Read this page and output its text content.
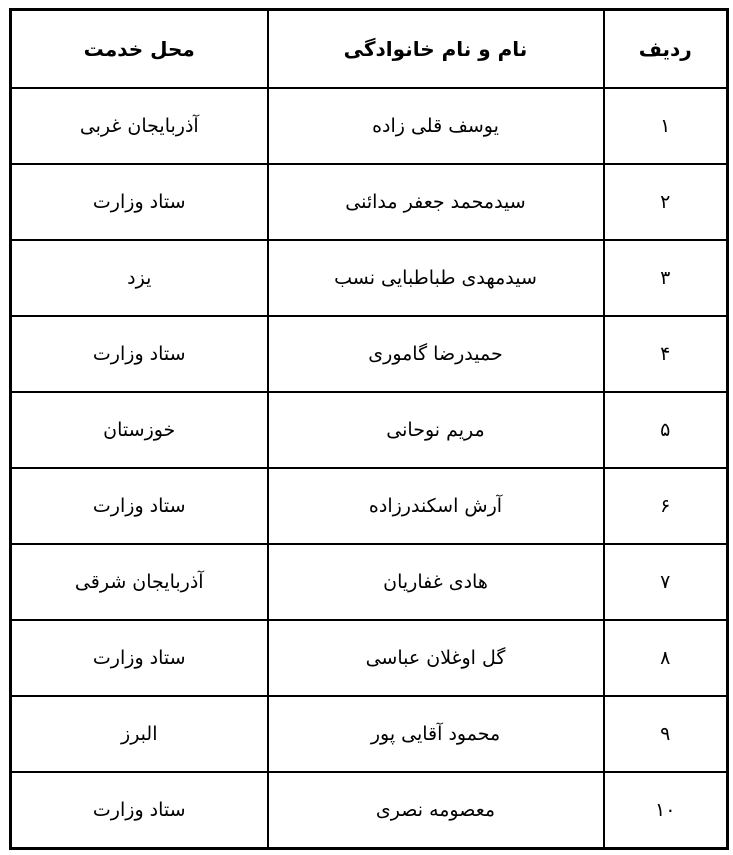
ردیف	نام و نام خانوادگی	محل خدمت
۱	یوسف قلی زاده	آذربایجان غربی
۲	سیدمحمد جعفر مدائنی	ستاد وزارت
۳	سیدمهدی طباطبایی نسب	یزد
۴	حمیدرضا گاموری	ستاد وزارت
۵	مریم نوحانی	خوزستان
۶	آرش اسکندرزاده	ستاد وزارت
۷	هادی غفاریان	آذربایجان شرقی
۸	گل اوغلان عباسی	ستاد وزارت
۹	محمود آقایی پور	البرز
۱۰	معصومه نصری	ستاد وزارت
